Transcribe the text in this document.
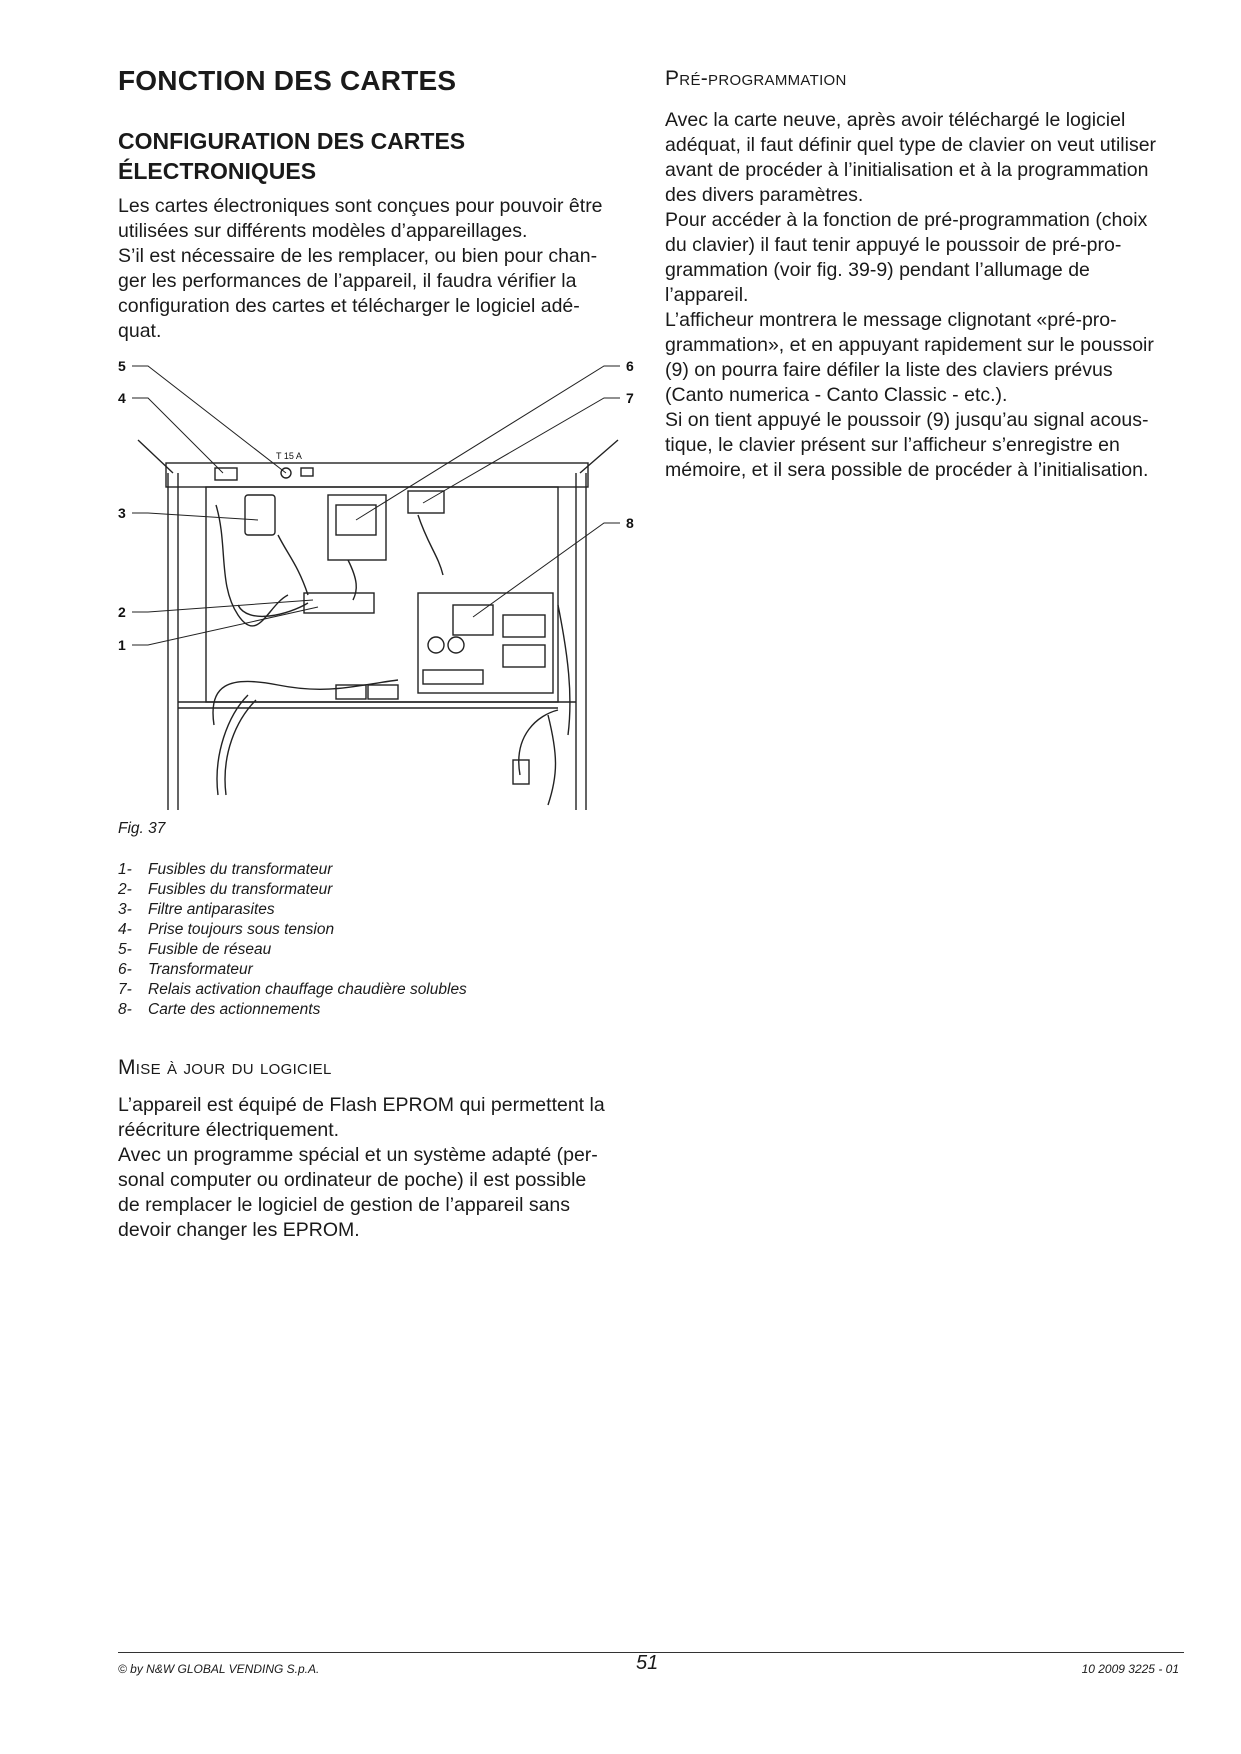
FONCTION DES CARTES
CONFIGURATION DES CARTES ÉLECTRONIQUES

Les cartes électroniques sont conçues pour pouvoir être

utilisées sur différents modèles d’appareillages.

S’il est nécessaire de les remplacer, ou bien pour chan-

ger les performances de l’appareil, il faudra vérifier la

configuration des cartes et télécharger le logiciel adé-

quat.

5
4
3
2
1
6
7
8
T 15 A
Fig. 37
1-	Fusibles du transformateur
2-	Fusibles du transformateur
3-	Filtre antiparasites
4-	Prise toujours sous tension
5-	Fusible de réseau
6-	Transformateur
7-	Relais activation chauffage chaudière solubles
8-	Carte des actionnements
Mise à jour du logiciel

L’appareil est équipé de Flash EPROM qui permettent la

réécriture électriquement.

Avec un programme spécial et un système adapté (per-

sonal computer ou ordinateur de poche) il est possible

de remplacer le logiciel de gestion de l’appareil sans

devoir changer les EPROM.

Pré-programmation

Avec la carte neuve, après avoir téléchargé le logiciel

adéquat, il faut définir quel type de clavier on veut utiliser

avant de procéder à l’initialisation et à la programmation

des divers paramètres.

Pour accéder à la fonction de pré-programmation (choix

du clavier) il faut tenir appuyé le poussoir de pré-pro-

grammation (voir fig. 39-9) pendant l’allumage de

l’appareil.

L’afficheur montrera le message clignotant «pré-pro-

grammation», et en appuyant rapidement sur le poussoir

(9) on pourra faire défiler la liste des claviers prévus

(Canto numerica - Canto Classic - etc.).

Si on tient appuyé le poussoir (9) jusqu’au signal acous-

tique, le clavier présent sur l’afficheur s’enregistre en

mémoire, et il sera possible de procéder à l’initialisation.

© by N&W GLOBAL VENDING S.p.A.	51	10 2009 3225 - 01
